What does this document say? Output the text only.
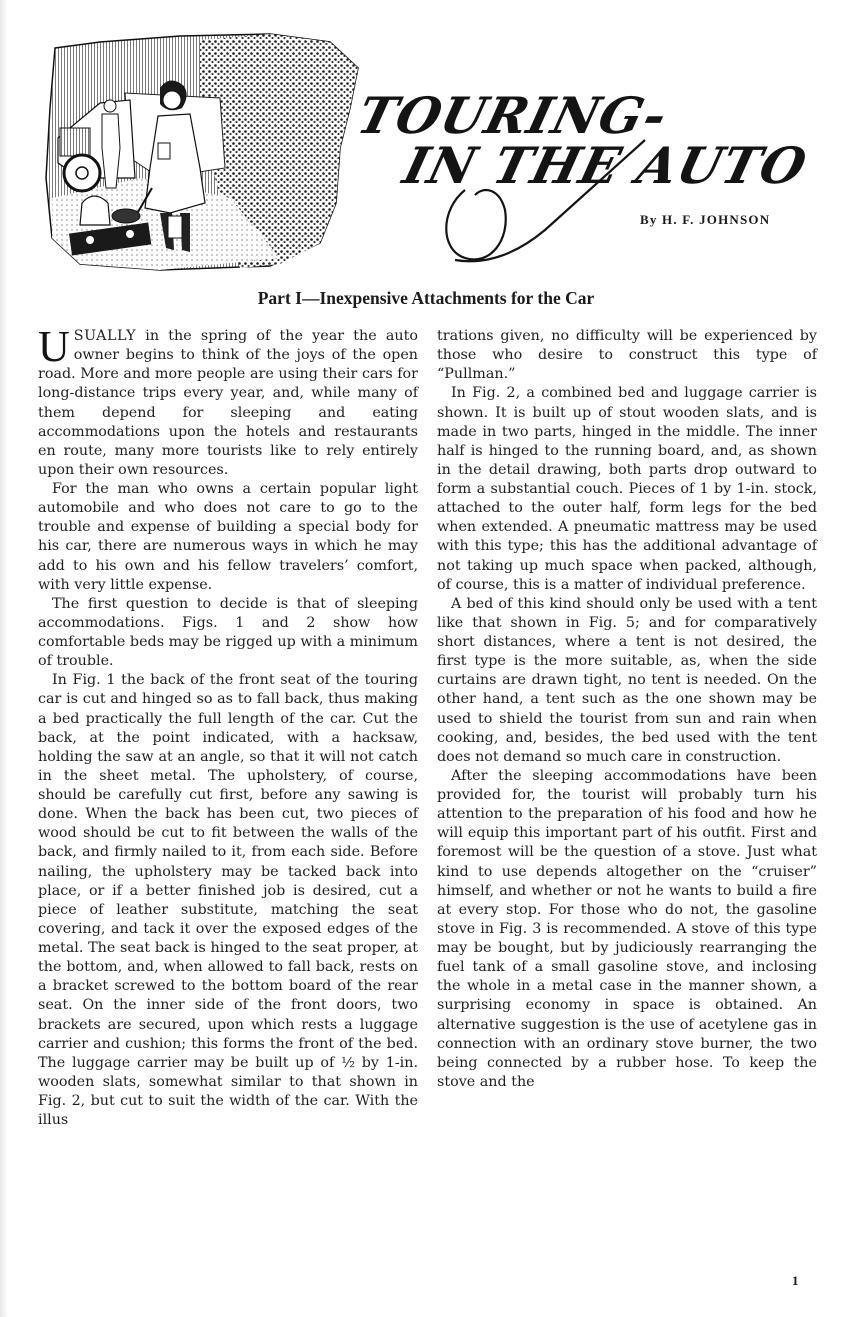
TOURING-
IN THE AUTO
By H. F. JOHNSON
Part I—Inexpensive Attachments for the Car

USUALLY in the spring of the year the auto owner begins to think of the joys of the open road. More and more people are using their cars for long-distance trips every year, and, while many of them depend for sleeping and eating accommodations upon the hotels and restaurants en route, many more tourists like to rely entirely upon their own resources.

For the man who owns a certain popular light automobile and who does not care to go to the trouble and expense of building a special body for his car, there are numerous ways in which he may add to his own and his fellow travelers’ comfort, with very little expense.

The first question to decide is that of sleeping accommodations. Figs. 1 and 2 show how comfortable beds may be rigged up with a minimum of trouble.

In Fig. 1 the back of the front seat of the touring car is cut and hinged so as to fall back, thus making a bed practically the full length of the car. Cut the back, at the point indicated, with a hacksaw, holding the saw at an angle, so that it will not catch in the sheet metal. The upholstery, of course, should be carefully cut first, before any sawing is done. When the back has been cut, two pieces of wood should be cut to fit between the walls of the back, and firmly nailed to it, from each side. Before nailing, the upholstery may be tacked back into place, or if a better finished job is desired, cut a piece of leather substitute, matching the seat covering, and tack it over the exposed edges of the metal. The seat back is hinged to the seat proper, at the bottom, and, when allowed to fall back, rests on a bracket screwed to the bottom board of the rear seat. On the inner side of the front doors, two brackets are secured, upon which rests a luggage carrier and cushion; this forms the front of the bed. The luggage carrier may be built up of ½ by 1-in. wooden slats, somewhat similar to that shown in Fig. 2, but cut to suit the width of the car. With the illus

trations given, no difficulty will be experienced by those who desire to construct this type of “Pullman.”

In Fig. 2, a combined bed and luggage carrier is shown. It is built up of stout wooden slats, and is made in two parts, hinged in the middle. The inner half is hinged to the running board, and, as shown in the detail drawing, both parts drop outward to form a substantial couch. Pieces of 1 by 1-in. stock, attached to the outer half, form legs for the bed when extended. A pneumatic mattress may be used with this type; this has the additional advantage of not taking up much space when packed, although, of course, this is a matter of individual preference.

A bed of this kind should only be used with a tent like that shown in Fig. 5; and for comparatively short distances, where a tent is not desired, the first type is the more suitable, as, when the side curtains are drawn tight, no tent is needed. On the other hand, a tent such as the one shown may be used to shield the tourist from sun and rain when cooking, and, besides, the bed used with the tent does not demand so much care in construction.

After the sleeping accommodations have been provided for, the tourist will probably turn his attention to the preparation of his food and how he will equip this important part of his outfit. First and foremost will be the question of a stove. Just what kind to use depends altogether on the “cruiser” himself, and whether or not he wants to build a fire at every stop. For those who do not, the gasoline stove in Fig. 3 is recommended. A stove of this type may be bought, but by judiciously rearranging the fuel tank of a small gasoline stove, and inclosing the whole in a metal case in the manner shown, a surprising economy in space is obtained. An alternative suggestion is the use of acetylene gas in connection with an ordinary stove burner, the two being connected by a rubber hose. To keep the stove and the

1
